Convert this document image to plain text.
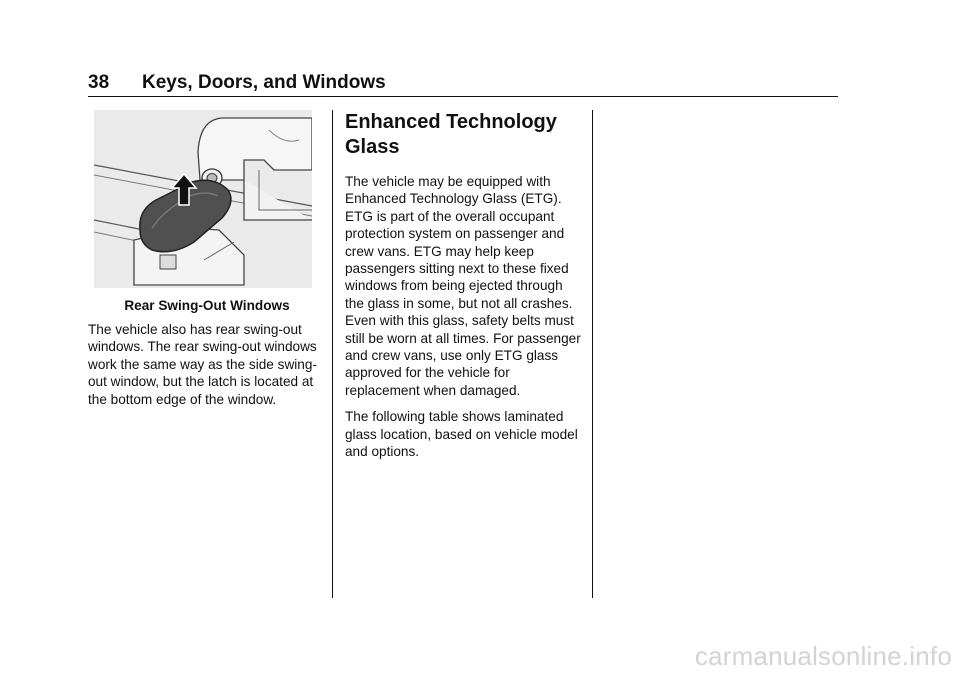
38 Keys, Doors, and Windows
Rear Swing-Out Windows

The vehicle also has rear swing-out windows. The rear swing-out windows work the same way as the side swing-out window, but the latch is located at the bottom edge of the window.

Enhanced Technology Glass

The vehicle may be equipped with Enhanced Technology Glass (ETG). ETG is part of the overall occupant protection system on passenger and crew vans. ETG may help keep passengers sitting next to these fixed windows from being ejected through the glass in some, but not all crashes. Even with this glass, safety belts must still be worn at all times. For passenger and crew vans, use only ETG glass approved for the vehicle for replacement when damaged.

The following table shows laminated glass location, based on vehicle model and options.

carmanualsonline.info
